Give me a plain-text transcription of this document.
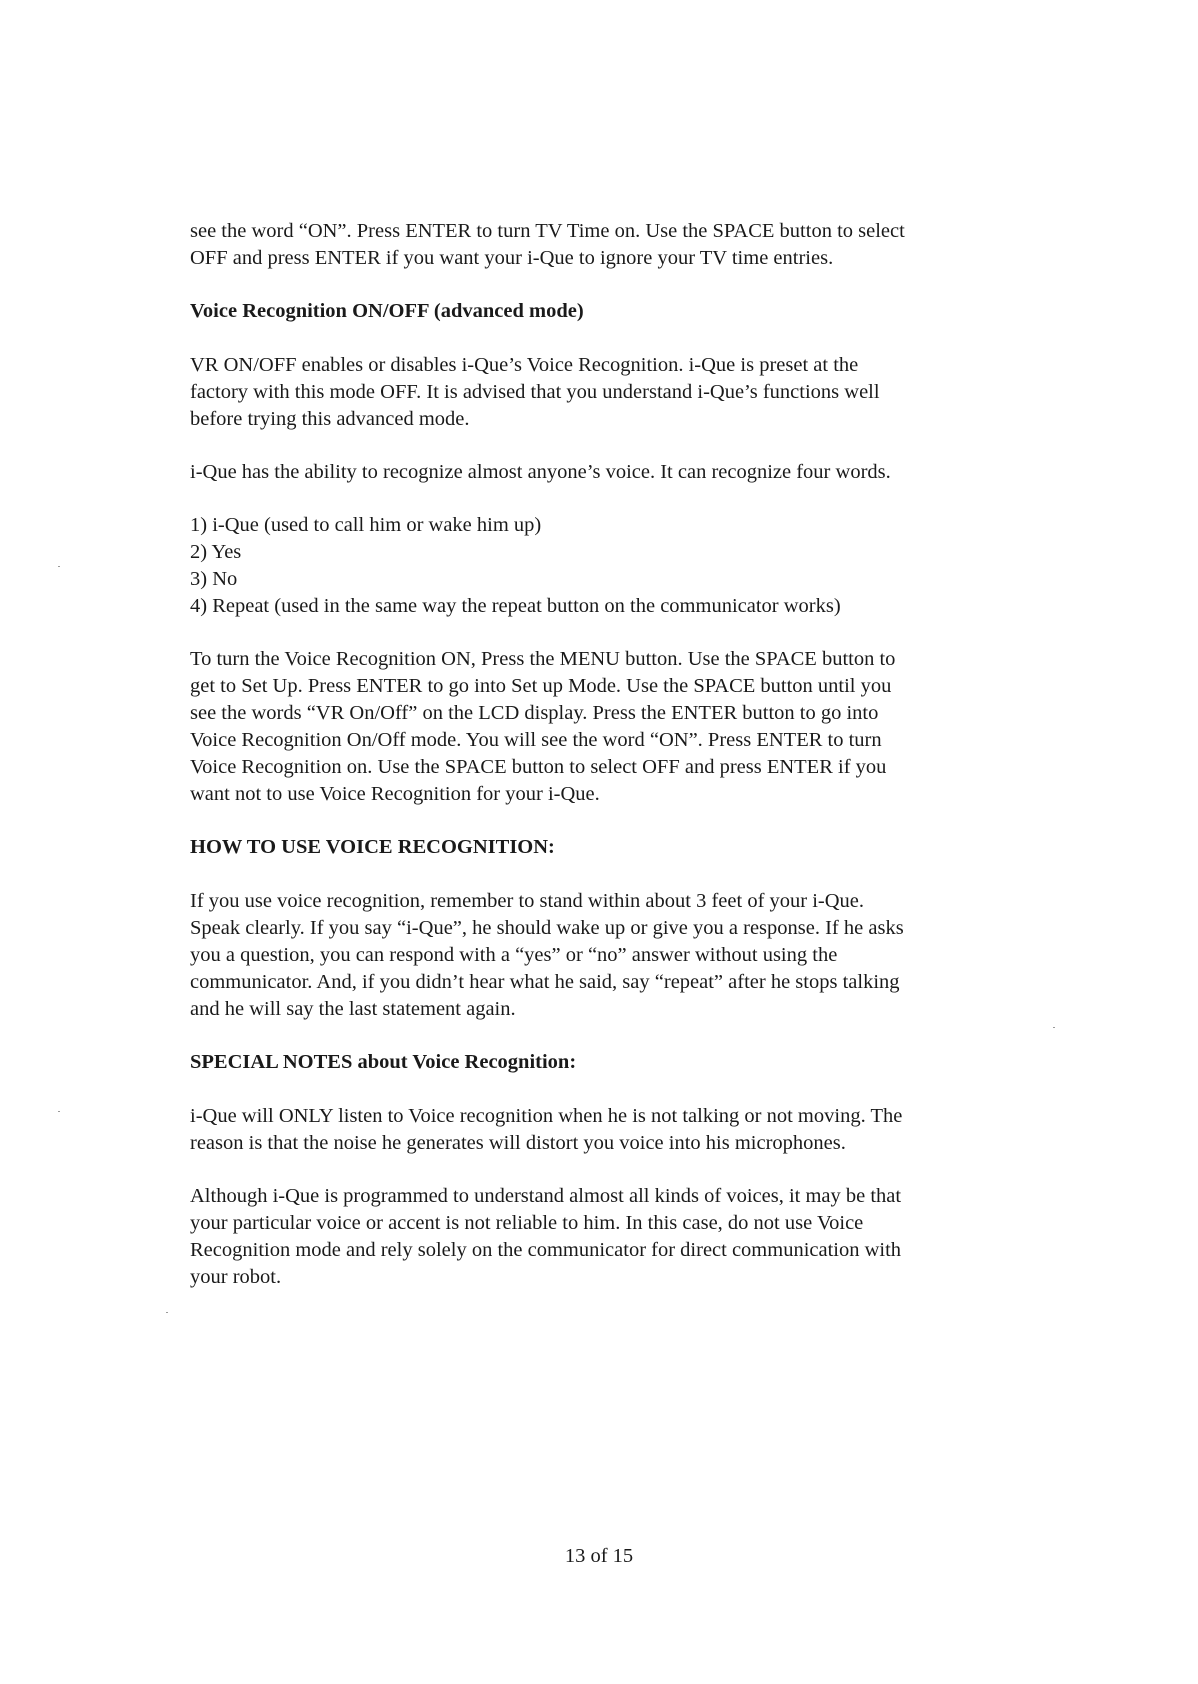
see the word “ON”. Press ENTER to turn TV Time on. Use the SPACE button to select
OFF and press ENTER if you want your i-Que to ignore your TV time entries.

Voice Recognition ON/OFF (advanced mode)

VR ON/OFF enables or disables i-Que’s Voice Recognition. i-Que is preset at the
factory with this mode OFF. It is advised that you understand i-Que’s functions well
before trying this advanced mode.

i-Que has the ability to recognize almost anyone’s voice. It can recognize four words.

1) i-Que (used to call him or wake him up)
2) Yes
3) No
4) Repeat (used in the same way the repeat button on the communicator works)

To turn the Voice Recognition ON, Press the MENU button. Use the SPACE button to
get to Set Up. Press ENTER to go into Set up Mode. Use the SPACE button until you
see the words “VR On/Off” on the LCD display. Press the ENTER button to go into
Voice Recognition On/Off mode. You will see the word “ON”. Press ENTER to turn
Voice Recognition on. Use the SPACE button to select OFF and press ENTER if you
want not to use Voice Recognition for your i-Que.

HOW TO USE VOICE RECOGNITION:

If you use voice recognition, remember to stand within about 3 feet of your i-Que.
Speak clearly. If you say “i-Que”, he should wake up or give you a response. If he asks
you a question, you can respond with a “yes” or “no” answer without using the
communicator. And, if you didn’t hear what he said, say “repeat” after he stops talking
and he will say the last statement again.

SPECIAL NOTES about Voice Recognition:

i-Que will ONLY listen to Voice recognition when he is not talking or not moving. The
reason is that the noise he generates will distort you voice into his microphones.

Although i-Que is programmed to understand almost all kinds of voices, it may be that
your particular voice or accent is not reliable to him. In this case, do not use Voice
Recognition mode and rely solely on the communicator for direct communication with
your robot.

13 of 15
